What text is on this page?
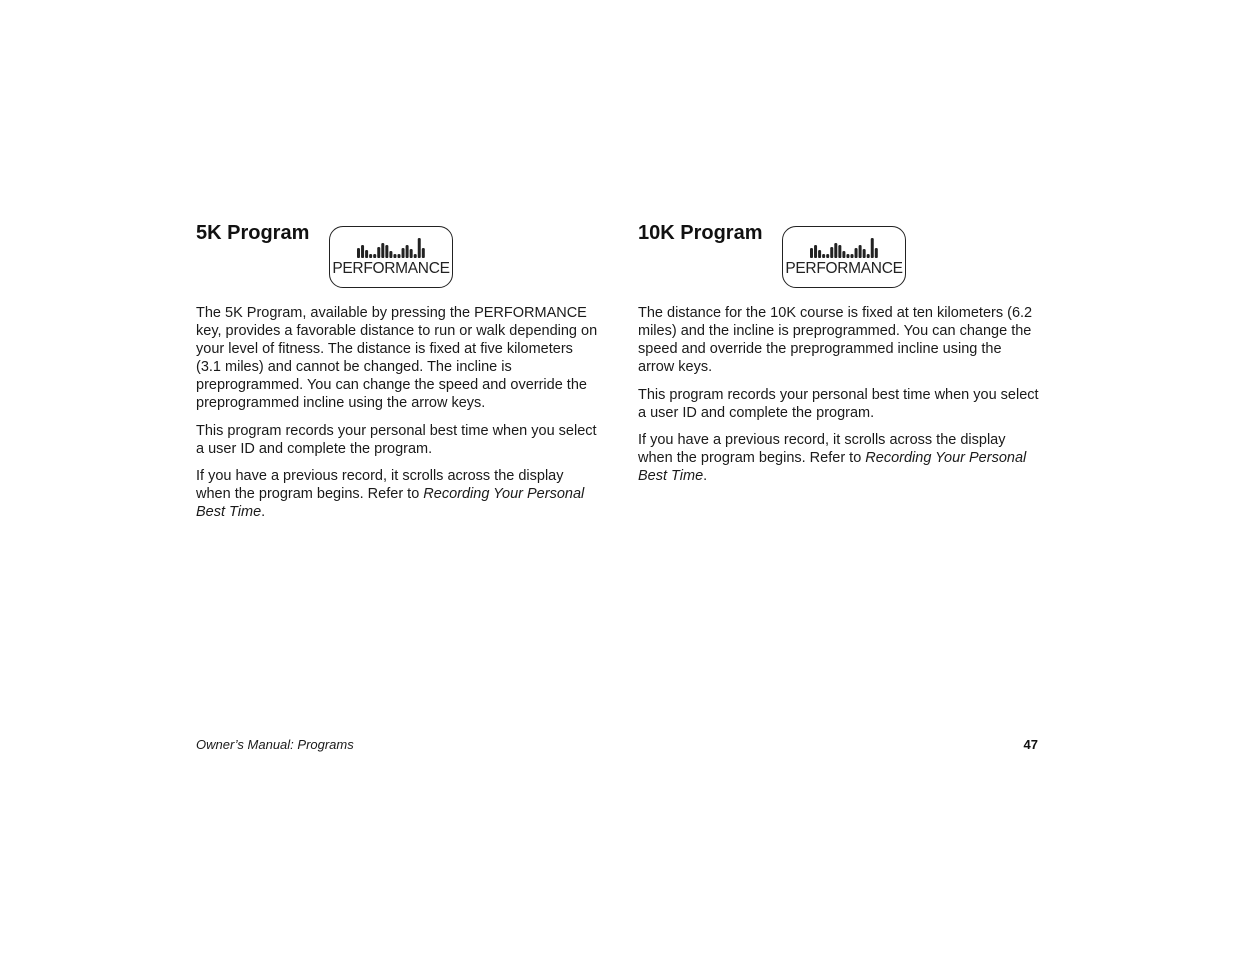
5K Program
PERFORMANCE

The 5K Program, available by pressing the PERFORMANCE key, provides a favorable distance to run or walk depending on your level of fitness. The distance is fixed at five kilometers (3.1 miles) and cannot be changed. The incline is preprogrammed. You can change the speed and override the preprogrammed incline using the arrow keys.

This program records your personal best time when you select a user ID and complete the program.

If you have a previous record, it scrolls across the display when the program begins. Refer to Recording Your Personal Best Time.

10K Program
PERFORMANCE

The distance for the 10K course is fixed at ten kilometers (6.2 miles) and the incline is preprogrammed. You can change the speed and override the preprogrammed incline using the arrow keys.

This program records your personal best time when you select a user ID and complete the program.

If you have a previous record, it scrolls across the display when the program begins. Refer to Recording Your Personal Best Time.

Owner’s Manual: Programs	47
